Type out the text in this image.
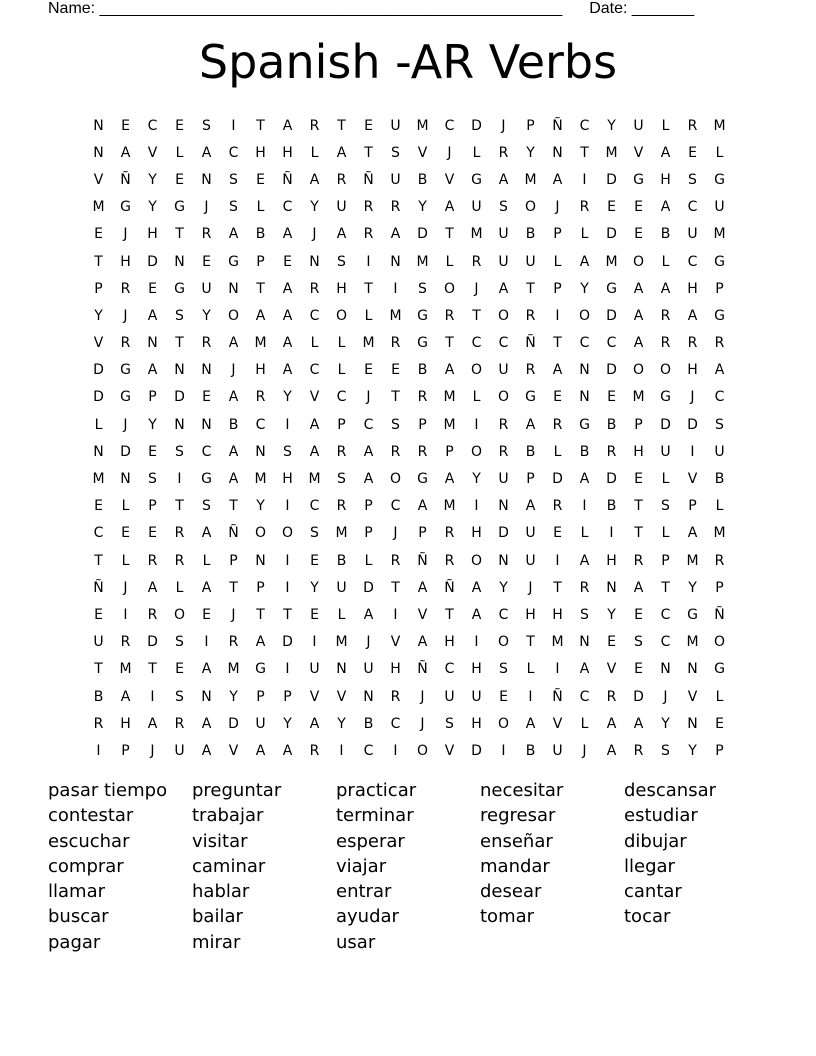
Name: ____________________________________________________ Date: _______
Spanish -AR Verbs
N	E	C	E	S	I	T	A	R	T	E	U	M	C	D	J	P	Ñ	C	Y	U	L	R	M
N	A	V	L	A	C	H	H	L	A	T	S	V	J	L	R	Y	N	T	M	V	A	E	L
V	Ñ	Y	E	N	S	E	Ñ	A	R	Ñ	U	B	V	G	A	M	A	I	D	G	H	S	G
M	G	Y	G	J	S	L	C	Y	U	R	R	Y	A	U	S	O	J	R	E	E	A	C	U
E	J	H	T	R	A	B	A	J	A	R	A	D	T	M	U	B	P	L	D	E	B	U	M
T	H	D	N	E	G	P	E	N	S	I	N	M	L	R	U	U	L	A	M	O	L	C	G
P	R	E	G	U	N	T	A	R	H	T	I	S	O	J	A	T	P	Y	G	A	A	H	P
Y	J	A	S	Y	O	A	A	C	O	L	M	G	R	T	O	R	I	O	D	A	R	A	G
V	R	N	T	R	A	M	A	L	L	M	R	G	T	C	C	Ñ	T	C	C	A	R	R	R
D	G	A	N	N	J	H	A	C	L	E	E	B	A	O	U	R	A	N	D	O	O	H	A
D	G	P	D	E	A	R	Y	V	C	J	T	R	M	L	O	G	E	N	E	M	G	J	C
L	J	Y	N	N	B	C	I	A	P	C	S	P	M	I	R	A	R	G	B	P	D	D	S
N	D	E	S	C	A	N	S	A	R	A	R	R	P	O	R	B	L	B	R	H	U	I	U
M	N	S	I	G	A	M	H	M	S	A	O	G	A	Y	U	P	D	A	D	E	L	V	B
E	L	P	T	S	T	Y	I	C	R	P	C	A	M	I	N	A	R	I	B	T	S	P	L
C	E	E	R	A	Ñ	O	O	S	M	P	J	P	R	H	D	U	E	L	I	T	L	A	M
T	L	R	R	L	P	N	I	E	B	L	R	Ñ	R	O	N	U	I	A	H	R	P	M	R
Ñ	J	A	L	A	T	P	I	Y	U	D	T	A	Ñ	A	Y	J	T	R	N	A	T	Y	P
E	I	R	O	E	J	T	T	E	L	A	I	V	T	A	C	H	H	S	Y	E	C	G	Ñ
U	R	D	S	I	R	A	D	I	M	J	V	A	H	I	O	T	M	N	E	S	C	M	O
T	M	T	E	A	M	G	I	U	N	U	H	Ñ	C	H	S	L	I	A	V	E	N	N	G
B	A	I	S	N	Y	P	P	V	V	N	R	J	U	U	E	I	Ñ	C	R	D	J	V	L
R	H	A	R	A	D	U	Y	A	Y	B	C	J	S	H	O	A	V	L	A	A	Y	N	E
I	P	J	U	A	V	A	A	R	I	C	I	O	V	D	I	B	U	J	A	R	S	Y	P
pasar tiempo	preguntar	practicar	necesitar	descansar
contestar	trabajar	terminar	regresar	estudiar
escuchar	visitar	esperar	enseñar	dibujar
comprar	caminar	viajar	mandar	llegar
llamar	hablar	entrar	desear	cantar
buscar	bailar	ayudar	tomar	tocar
pagar	mirar	usar
